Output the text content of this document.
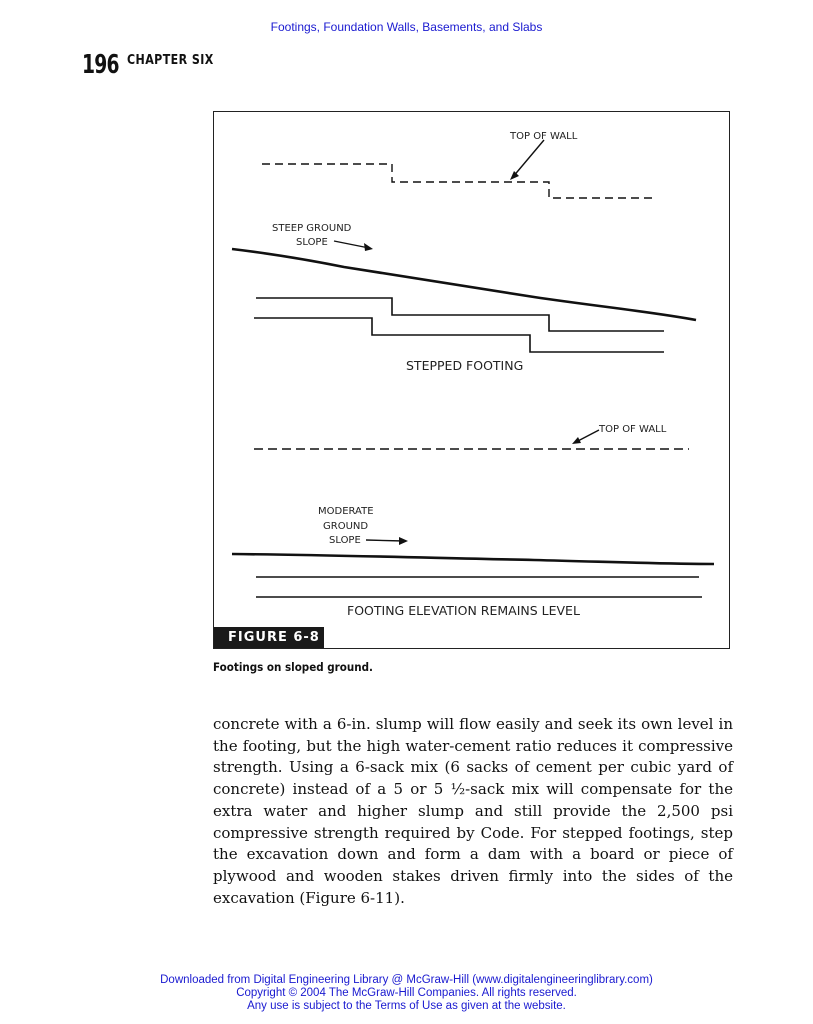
Footings, Foundation Walls, Basements, and Slabs
196 CHAPTER SIX
TOP OF WALL
STEEP GROUND
SLOPE
STEPPED FOOTING
TOP OF WALL
MODERATE
GROUND
SLOPE
FOOTING ELEVATION REMAINS LEVEL
FIGURE 6-8
Footings on sloped ground.

concrete with a 6-in. slump will flow easily and seek its own level in the footing, but the high water-cement ratio reduces it compressive strength. Using a 6-sack mix (6 sacks of cement per cubic yard of concrete) instead of a 5 or 5 ½-sack mix will compensate for the extra water and higher slump and still provide the 2,500 psi compressive strength required by Code. For stepped footings, step the excavation down and form a dam with a board or piece of plywood and wooden stakes driven firmly into the sides of the excavation (Figure 6-11).

Downloaded from Digital Engineering Library @ McGraw-Hill (www.digitalengineeringlibrary.com)
Copyright © 2004 The McGraw-Hill Companies. All rights reserved.
Any use is subject to the Terms of Use as given at the website.
